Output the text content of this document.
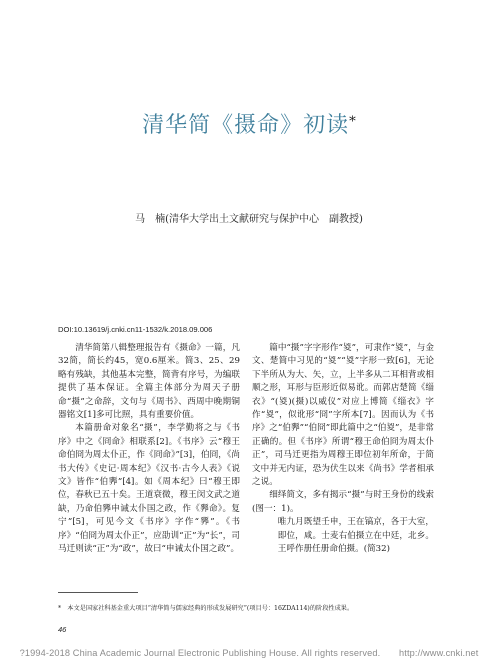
清华简《摄命》初读*
马　楠(清华大学出土文献研究与保护中心　副教授)
DOI:10.13619/j.cnki.cn11-1532/k.2018.09.006

清华简第八辑整理报告有《摄命》一篇，凡32简，简长约45，宽0.6厘米。简3、25、29略有残缺，其他基本完整，简背有序号，为编联提供了基本保证。全篇主体部分为周天子册命“摄”之命辞，文句与《周书》、西周中晚期铜器铭文[1]多可比照，具有重要价值。

本篇册命对象名“摄”，李学勤将之与《书序》中之《冏命》相联系[2]。《书序》云“穆王命伯冏为周太仆正，作《冏命》”[3]，伯冏，《尚书大传》《史记·周本纪》《汉书·古今人表》《说文》皆作“伯臩”[4]。如《周本纪》曰“穆王即位，春秋已五十矣。王道衰微，穆王闵文武之道缺，乃命伯臩申诫太仆国之政，作《臩命》。复宁”[5]，可见今文《书序》字作“臩”。《书序》“伯冏为周太仆正”，应劭训“正”为“长”，司马迁则读“正”为“政”，故曰“申诫太仆国之政”。

篇中“摄”字字形作“㚇”，可隶作“㚇”，与金文、楚简中习见的“㚇”“㚇”字形一致[6]，无论下半所从为大、矢，立，上半多从二耳相背或相顺之形，耳形与臣形近似易讹。而郭店楚简《缁衣》“(㚇)(摄)以威仪”对应上博简《缁衣》字作“㚇”，似讹形“冏”字所本[7]。因而认为《书序》之“伯臩”“伯冏”即此篇中之“伯㚇”，是非常正确的。但《书序》所谓“穆王命伯冏为周太仆正”，司马迁更指为周穆王即位初年所命，于简文中并无内证，恐为伏生以来《尚书》学者相承之说。

细绎简文，多有揭示“摄”与时王身份的线索(图一：1)。

唯九月既望壬申，王在镐京，各于大室，即位，咸。士麦右伯摄立在中廷，北乡。王呼作册任册命伯摄。(简32)

*　本文是国家社科基金重大项目“清华简与儒家经典的形成发展研究”(项目号：16ZDA114)的阶段性成果。
46
?1994-2018 China Academic Journal Electronic Publishing House. All rights reserved.　　http://www.cnki.net
